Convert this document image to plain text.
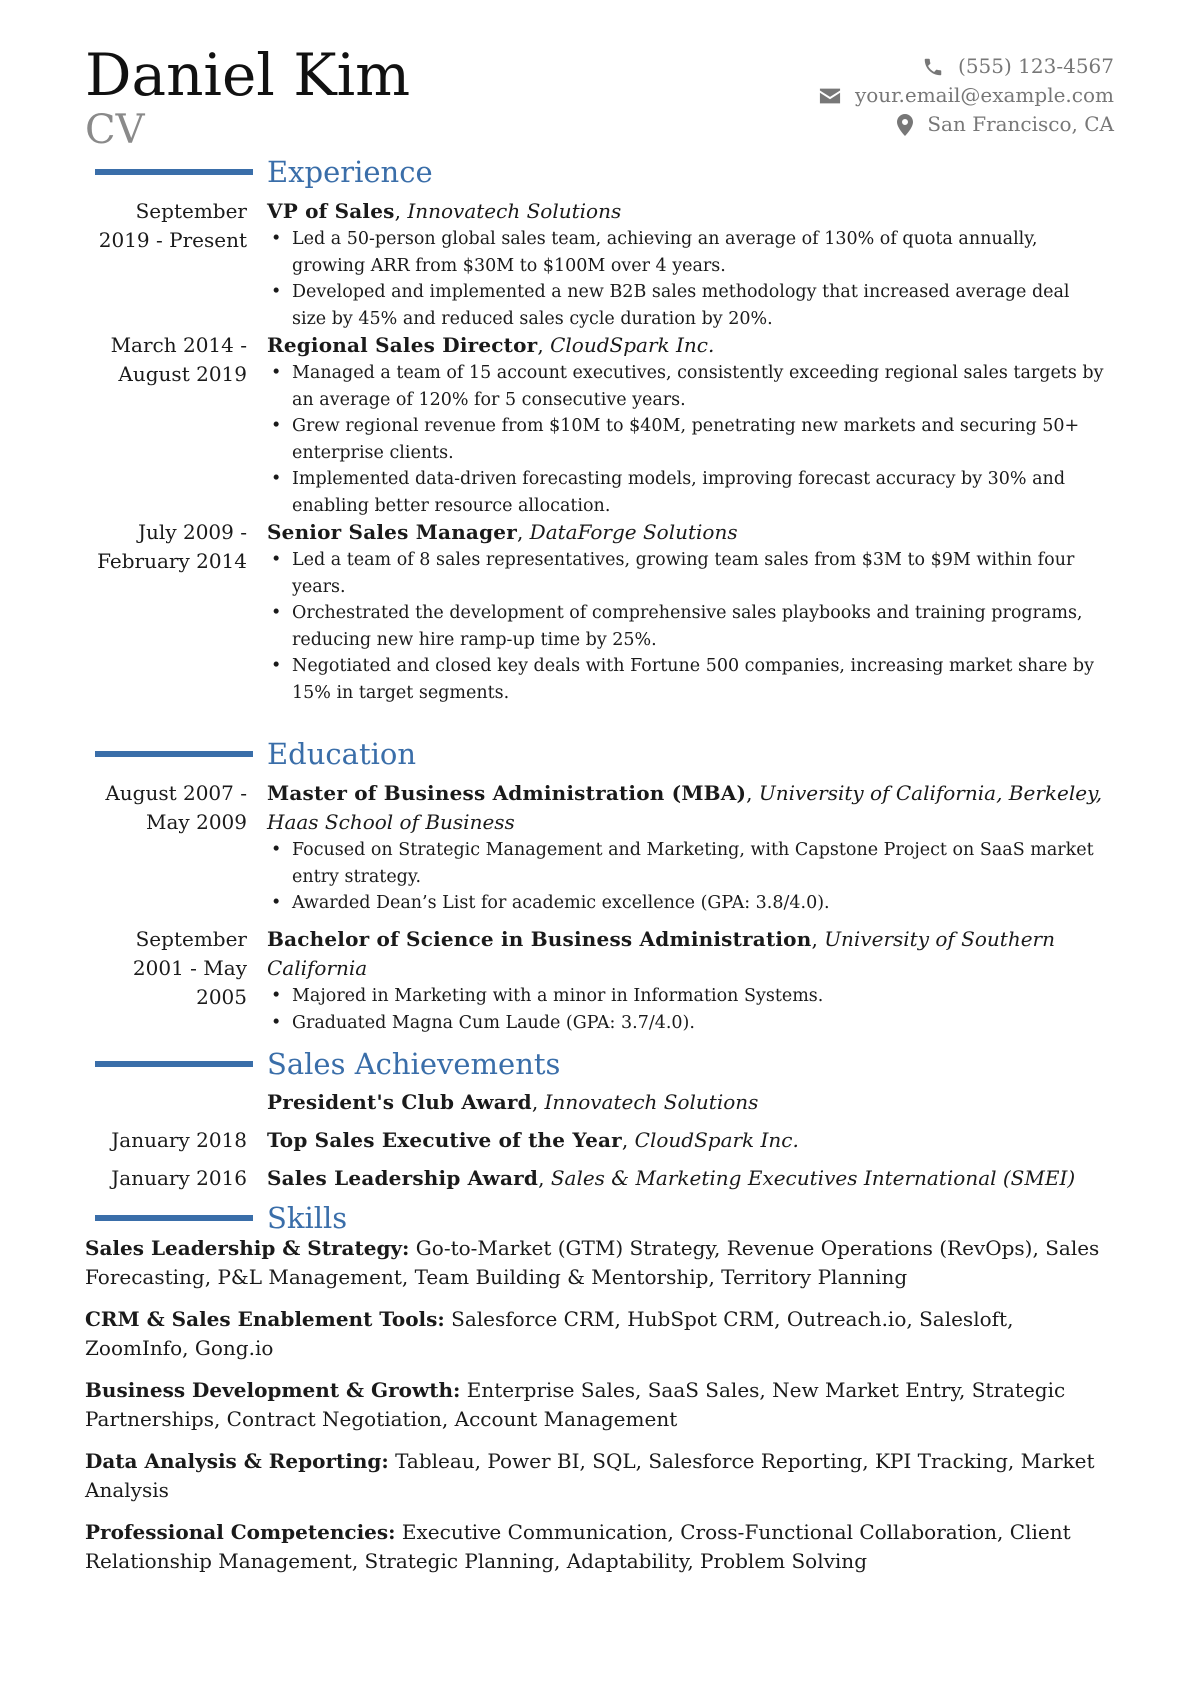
Daniel Kim
CV
(555) 123-4567
your.email@example.com
San Francisco, CA
Experience
September
2019 - Present
VP of Sales, Innovatech Solutions
• Led a 50-person global sales team, achieving an average of 130% of quota annually, growing ARR from $30M to $100M over 4 years.
• Developed and implemented a new B2B sales methodology that increased average deal size by 45% and reduced sales cycle duration by 20%.
March 2014 -
August 2019
Regional Sales Director, CloudSpark Inc.
• Managed a team of 15 account executives, consistently exceeding regional sales targets by an average of 120% for 5 consecutive years.
• Grew regional revenue from $10M to $40M, penetrating new markets and securing 50+ enterprise clients.
• Implemented data-driven forecasting models, improving forecast accuracy by 30% and enabling better resource allocation.
July 2009 -
February 2014
Senior Sales Manager, DataForge Solutions
• Led a team of 8 sales representatives, growing team sales from $3M to $9M within four years.
• Orchestrated the development of comprehensive sales playbooks and training programs, reducing new hire ramp-up time by 25%.
• Negotiated and closed key deals with Fortune 500 companies, increasing market share by 15% in target segments.
Education
August 2007 -
May 2009
Master of Business Administration (MBA), University of California, Berkeley, Haas School of Business
• Focused on Strategic Management and Marketing, with Capstone Project on SaaS market entry strategy.
• Awarded Dean’s List for academic excellence (GPA: 3.8/4.0).
September
2001 - May
2005
Bachelor of Science in Business Administration, University of Southern California
• Majored in Marketing with a minor in Information Systems.
• Graduated Magna Cum Laude (GPA: 3.7/4.0).
Sales Achievements
President's Club Award, Innovatech Solutions
January 2018 Top Sales Executive of the Year, CloudSpark Inc.
January 2016 Sales Leadership Award, Sales & Marketing Executives International (SMEI)
Skills
Sales Leadership & Strategy: Go-to-Market (GTM) Strategy, Revenue Operations (RevOps), Sales Forecasting, P&L Management, Team Building & Mentorship, Territory Planning
CRM & Sales Enablement Tools: Salesforce CRM, HubSpot CRM, Outreach.io, Salesloft, ZoomInfo, Gong.io
Business Development & Growth: Enterprise Sales, SaaS Sales, New Market Entry, Strategic Partnerships, Contract Negotiation, Account Management
Data Analysis & Reporting: Tableau, Power BI, SQL, Salesforce Reporting, KPI Tracking, Market Analysis
Professional Competencies: Executive Communication, Cross-Functional Collaboration, Client Relationship Management, Strategic Planning, Adaptability, Problem Solving
